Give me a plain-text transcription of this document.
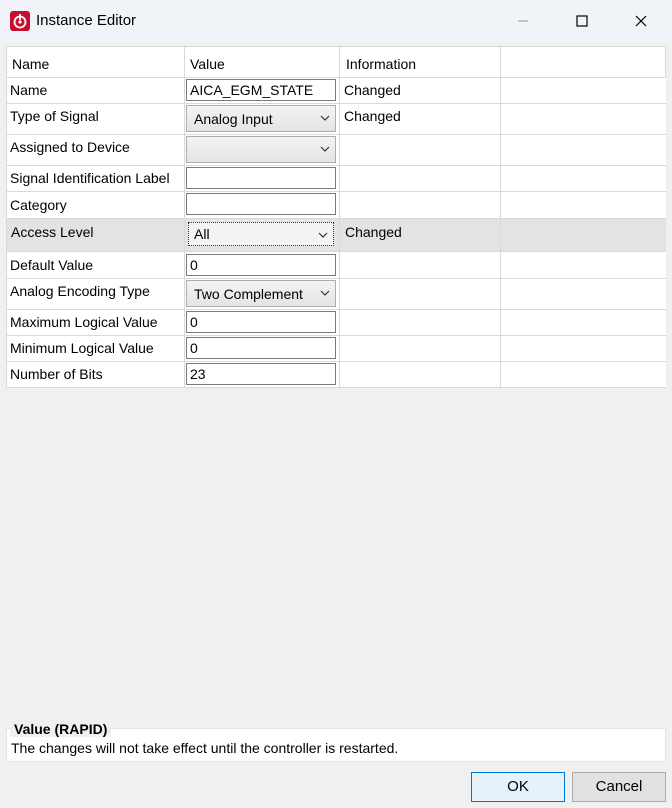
Instance Editor
Name	Value	Information
Name	AICA_EGM_STATE	Changed
Type of Signal	Analog Input	Changed
Assigned to Device
Signal Identification Label
Category
Access Level	All	Changed
Default Value	0
Analog Encoding Type	Two Complement
Maximum Logical Value 0
Minimum Logical Value	0
Number of Bits	23
Value (RAPID)
The changes will not take effect until the controller is restarted.
OK	Cancel
